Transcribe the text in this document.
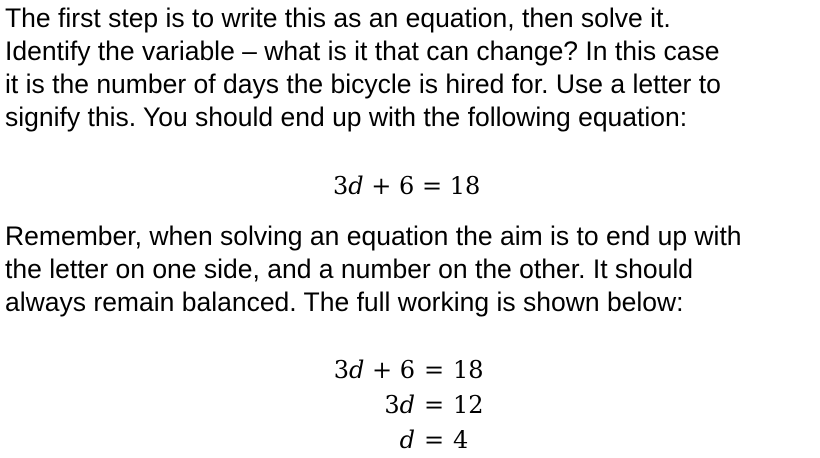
The first step is to write this as an equation, then solve it.
Identify the variable – what is it that can change? In this case
it is the number of days the bicycle is hired for. Use a letter to
signify this. You should end up with the following equation:
3d + 6 = 18
Remember, when solving an equation the aim is to end up with
the letter on one side, and a number on the other. It should
always remain balanced. The full working is shown below:
3d + 6 = 18
3d = 12
d = 4
